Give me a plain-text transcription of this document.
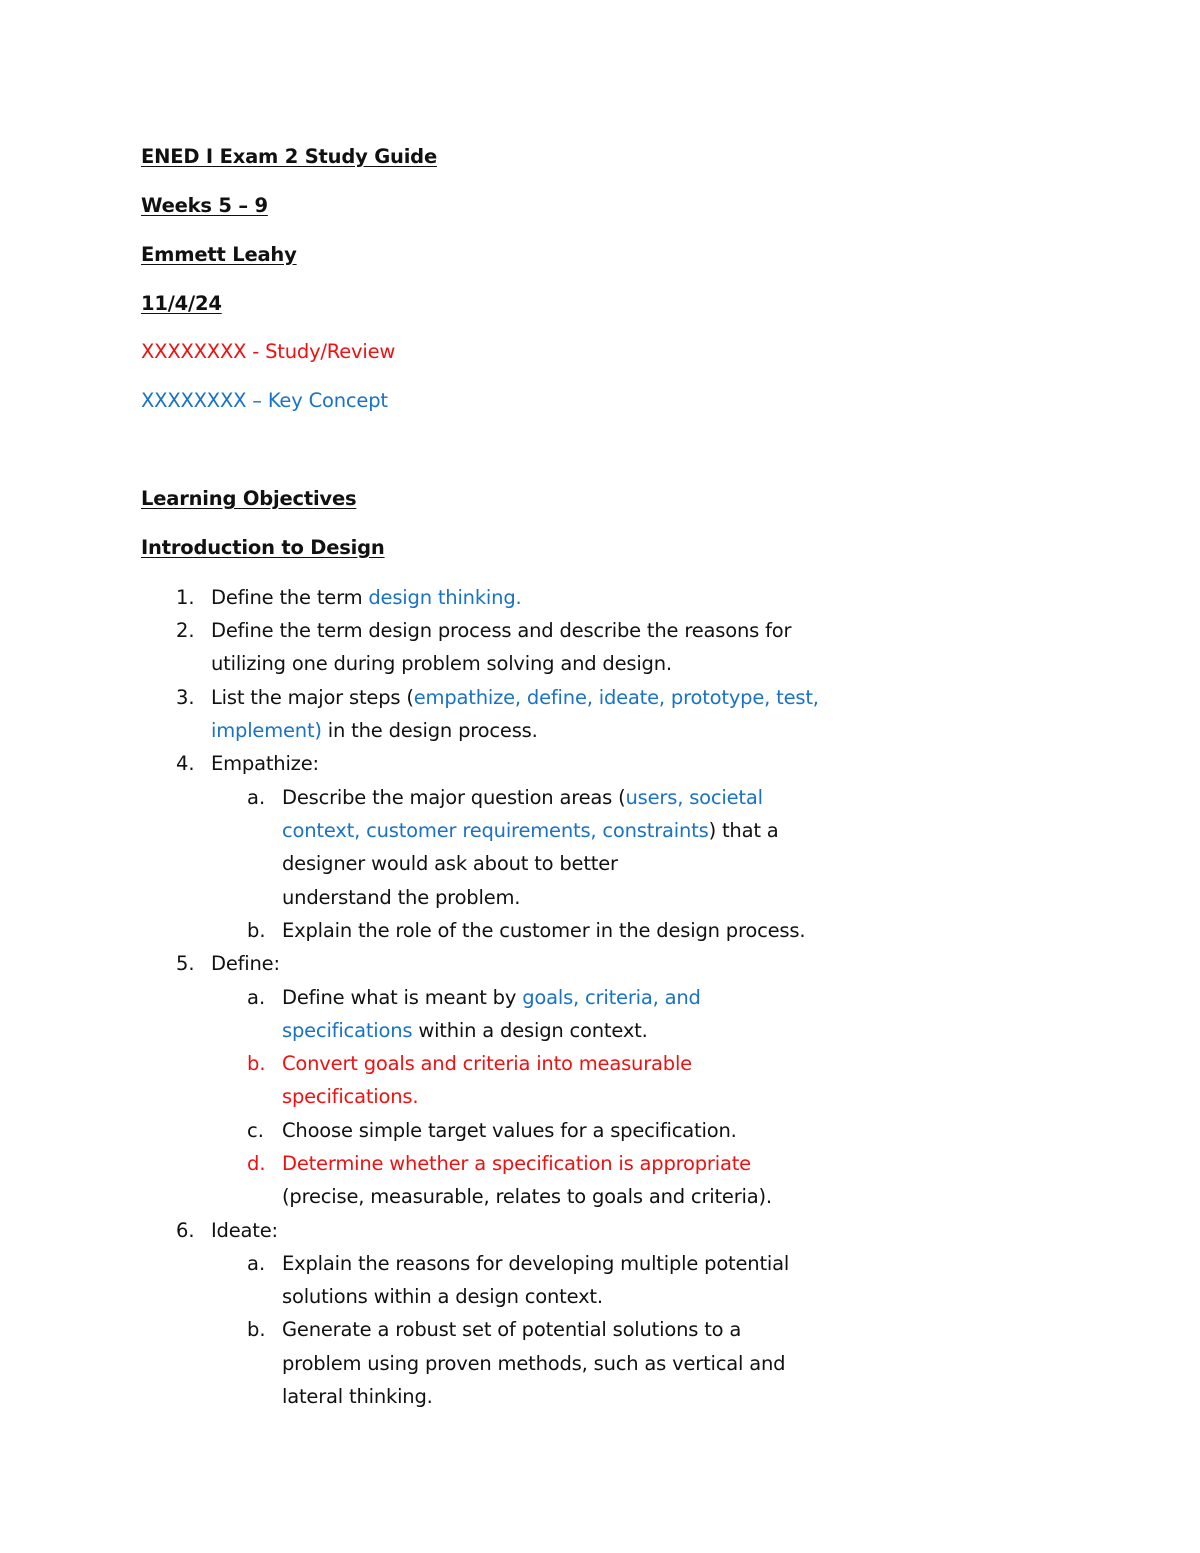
ENED I Exam 2 Study Guide
Weeks 5 – 9
Emmett Leahy
11/4/24
XXXXXXXX - Study/Review
XXXXXXXX – Key Concept
Learning Objectives
Introduction to Design
1. Define the term design thinking.
2. Define the term design process and describe the reasons for
utilizing one during problem solving and design.
3. List the major steps (empathize, define, ideate, prototype, test,
implement) in the design process.
4. Empathize:
a. Describe the major question areas (users, societal
context, customer requirements, constraints) that a
designer would ask about to better
understand the problem.
b. Explain the role of the customer in the design process.
5. Define:
a. Define what is meant by goals, criteria, and
specifications within a design context.
b. Convert goals and criteria into measurable
specifications.
c. Choose simple target values for a specification.
d. Determine whether a specification is appropriate
(precise, measurable, relates to goals and criteria).
6. Ideate:
a. Explain the reasons for developing multiple potential
solutions within a design context.
b. Generate a robust set of potential solutions to a
problem using proven methods, such as vertical and
lateral thinking.
